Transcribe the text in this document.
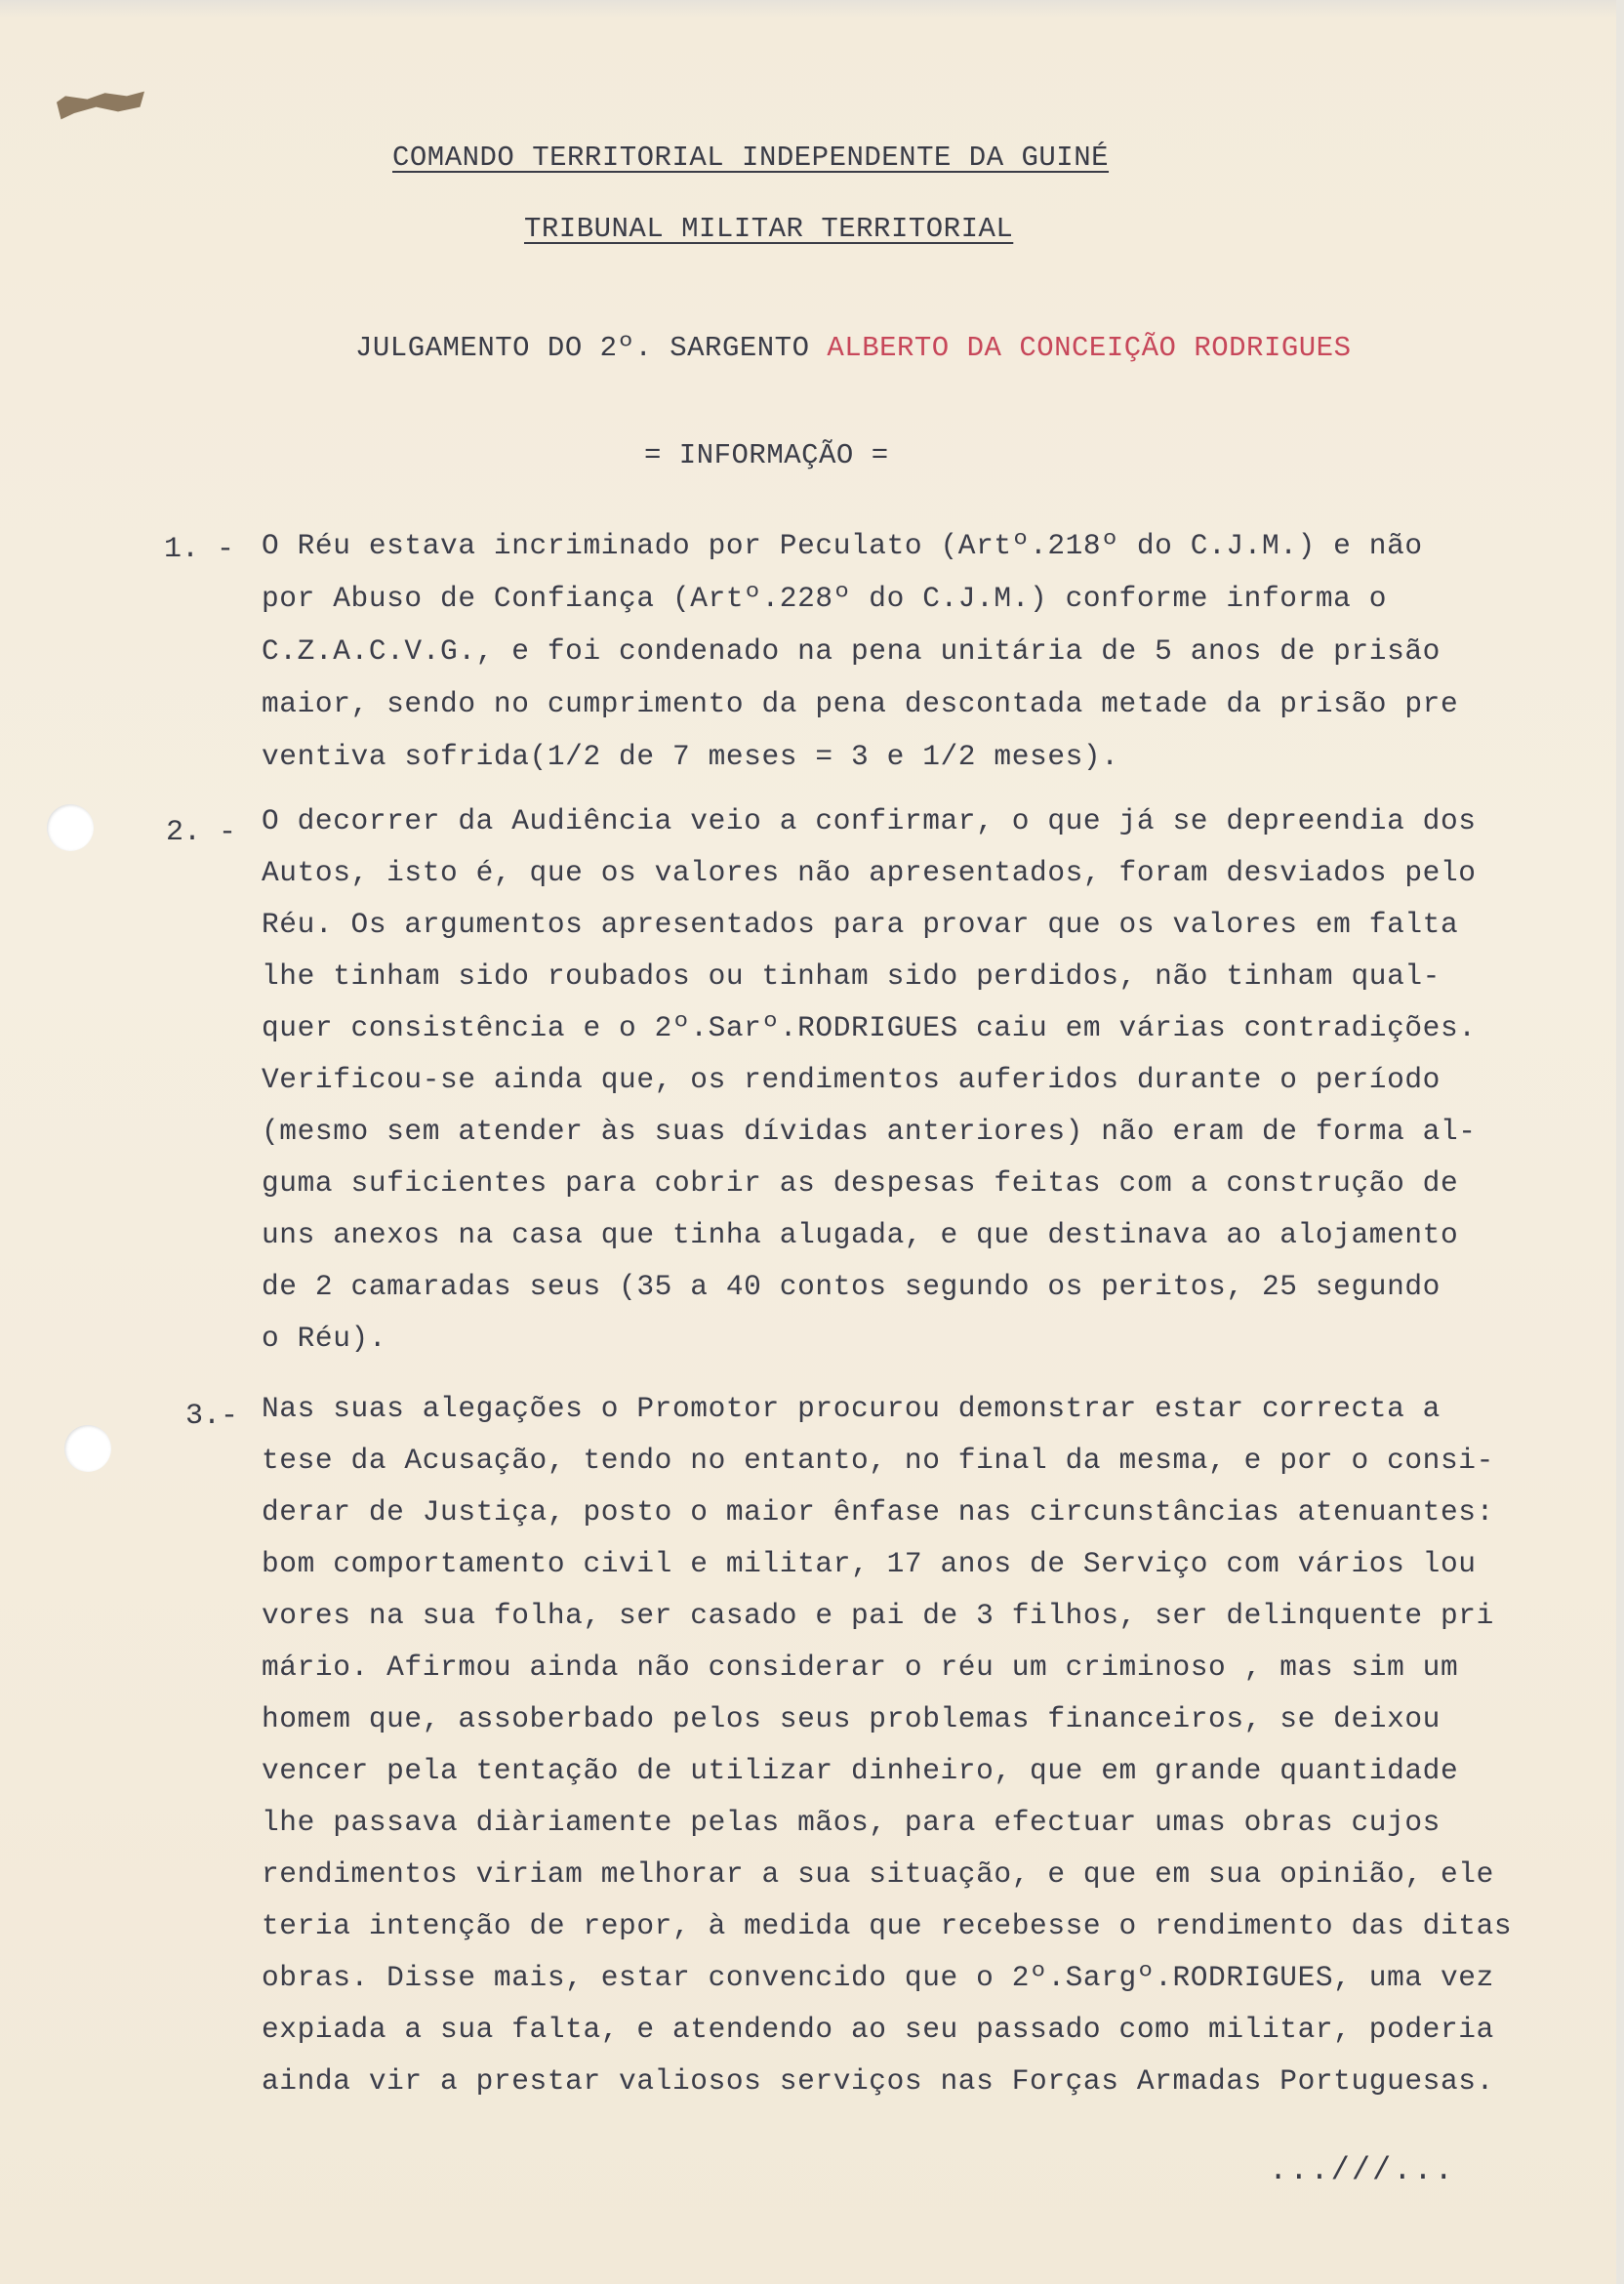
COMANDO TERRITORIAL INDEPENDENTE DA GUINÉ
TRIBUNAL MILITAR TERRITORIAL
JULGAMENTO DO 2º. SARGENTO ALBERTO DA CONCEIÇÃO RODRIGUES
= INFORMAÇÃO =
1. - O Réu estava incriminado por Peculato (Artº.218º do C.J.M.) e não
por Abuso de Confiança (Artº.228º do C.J.M.) conforme informa o
C.Z.A.C.V.G., e foi condenado na pena unitária de 5 anos de prisão
maior, sendo no cumprimento da pena descontada metade da prisão pre
ventiva sofrida(1/2 de 7 meses = 3 e 1/2 meses).
2. - O decorrer da Audiência veio a confirmar, o que já se depreendia dos
Autos, isto é, que os valores não apresentados, foram desviados pelo
Réu. Os argumentos apresentados para provar que os valores em falta
lhe tinham sido roubados ou tinham sido perdidos, não tinham qual-
quer consistência e o 2º.Sarº.RODRIGUES caiu em várias contradições.
Verificou-se ainda que, os rendimentos auferidos durante o período
(mesmo sem atender às suas dívidas anteriores) não eram de forma al-
guma suficientes para cobrir as despesas feitas com a construção de
uns anexos na casa que tinha alugada, e que destinava ao alojamento
de 2 camaradas seus (35 a 40 contos segundo os peritos, 25 segundo
o Réu).
3.- Nas suas alegações o Promotor procurou demonstrar estar correcta a
tese da Acusação, tendo no entanto, no final da mesma, e por o consi-
derar de Justiça, posto o maior ênfase nas circunstâncias atenuantes:
bom comportamento civil e militar, 17 anos de Serviço com vários lou
vores na sua folha, ser casado e pai de 3 filhos, ser delinquente pri
mário. Afirmou ainda não considerar o réu um criminoso , mas sim um
homem que, assoberbado pelos seus problemas financeiros, se deixou
vencer pela tentação de utilizar dinheiro, que em grande quantidade
lhe passava diàriamente pelas mãos, para efectuar umas obras cujos
rendimentos viriam melhorar a sua situação, e que em sua opinião, ele
teria intenção de repor, à medida que recebesse o rendimento das ditas
obras. Disse mais, estar convencido que o 2º.Sargº.RODRIGUES, uma vez
expiada a sua falta, e atendendo ao seu passado como militar, poderia
ainda vir a prestar valiosos serviços nas Forças Armadas Portuguesas.
...///...
